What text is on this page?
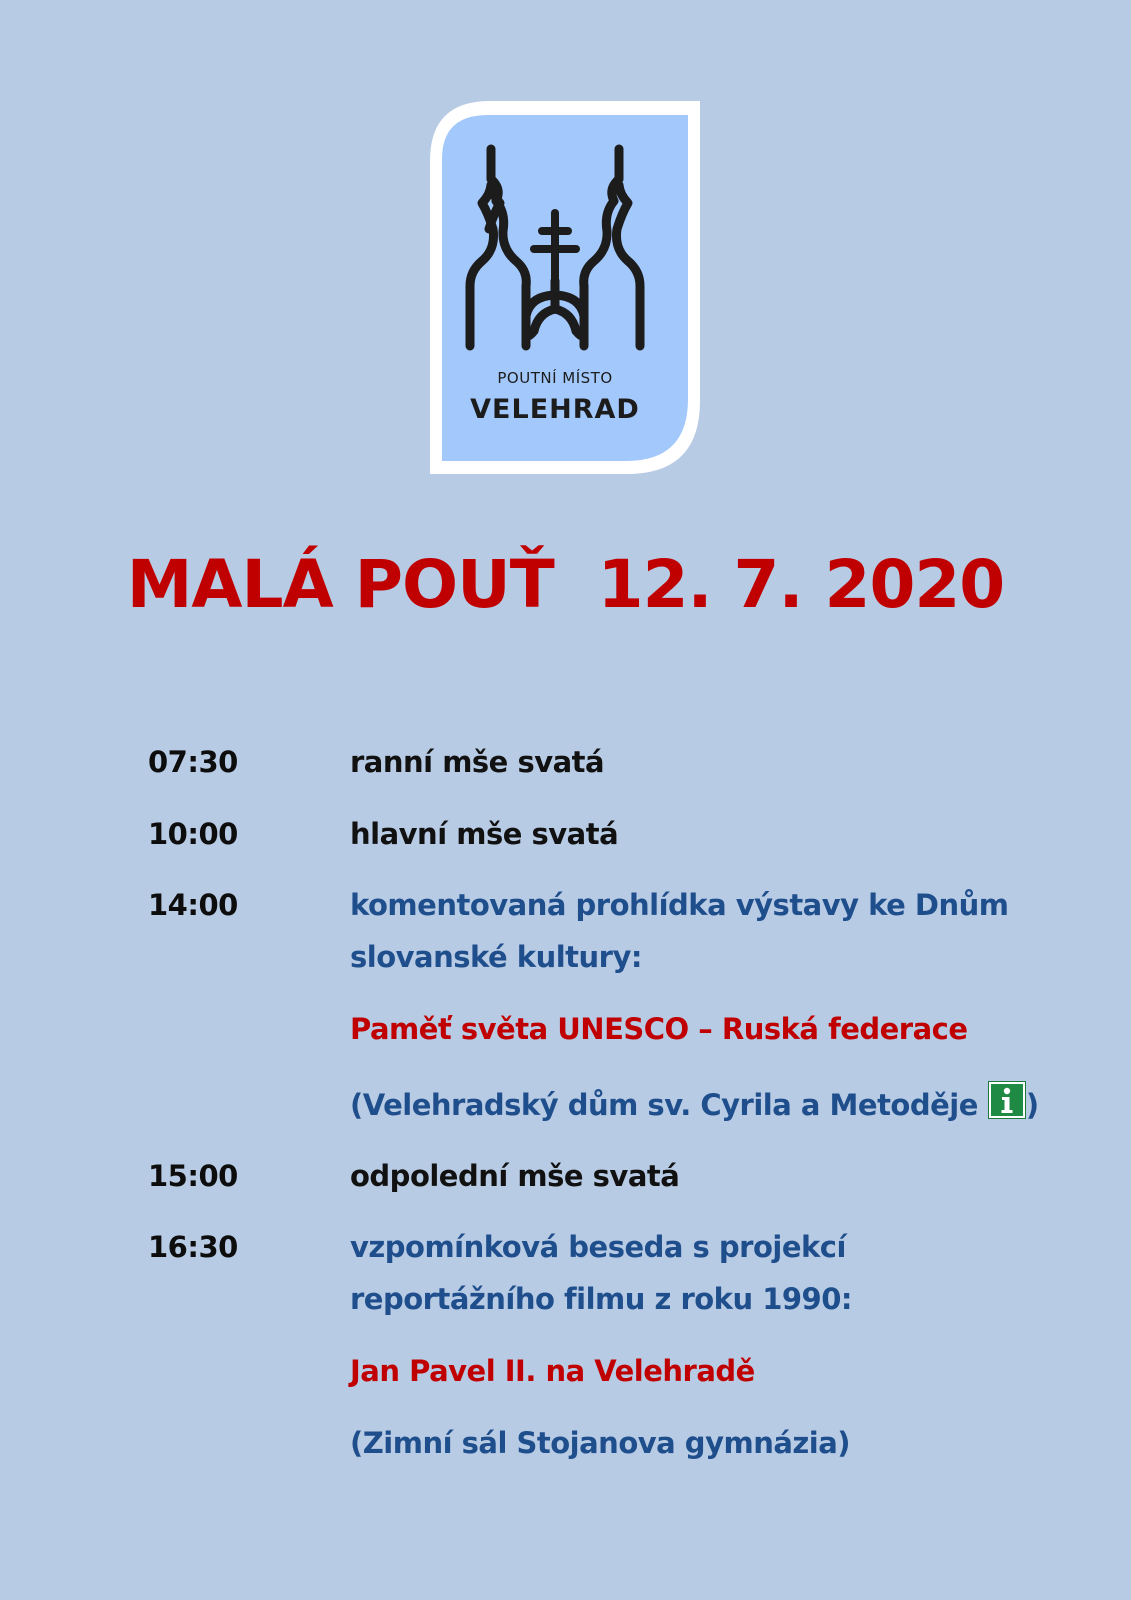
POUTNÍ MÍSTO
VELEHRAD
MALÁ POUŤ  12. 7. 2020
07:30	ranní mše svatá
10:00	hlavní mše svatá
14:00	komentovaná prohlídka výstavy ke Dnům
slovanské kultury:
Paměť světa UNESCO – Ruská federace
(Velehradský dům sv. Cyrila a Metoděje )
15:00	odpolední mše svatá
16:30	vzpomínková beseda s projekcí
reportážního filmu z roku 1990:
Jan Pavel II. na Velehradě
(Zimní sál Stojanova gymnázia)
